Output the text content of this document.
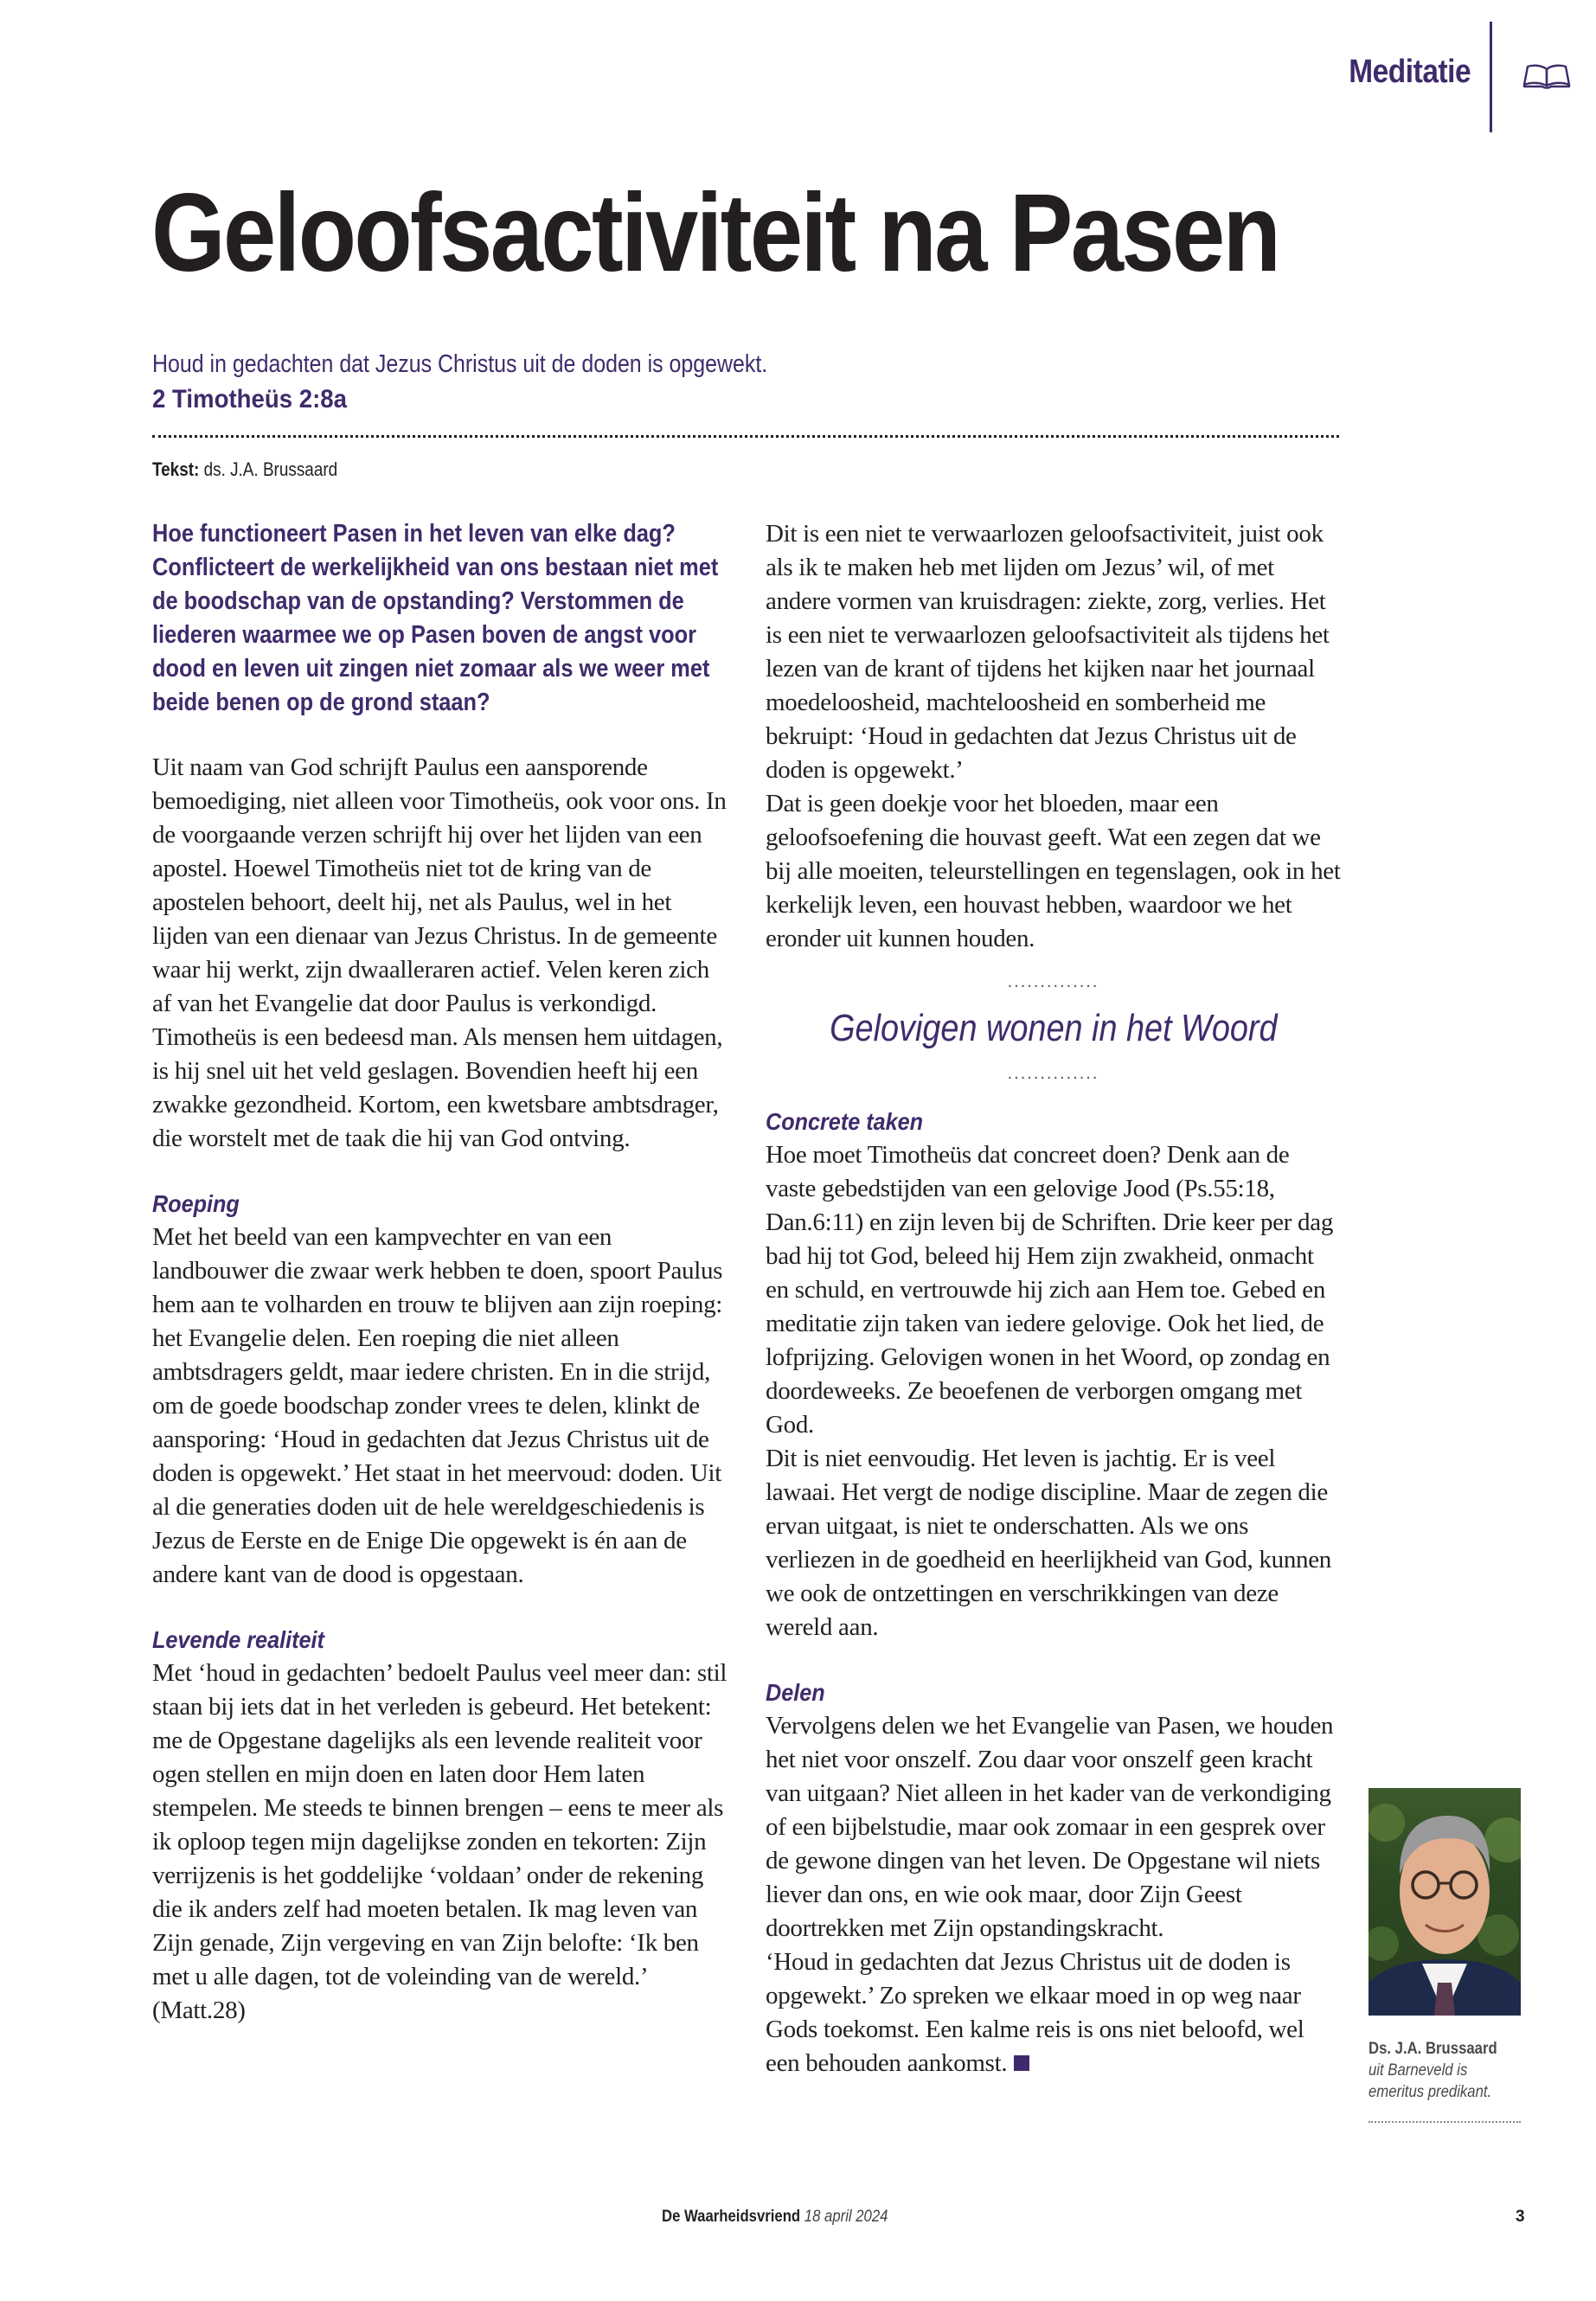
Meditatie
Geloofsactiviteit na Pasen
Houd in gedachten dat Jezus Christus uit de doden is opgewekt.
2 Timotheüs 2:8a
Tekst: ds. J.A. Brussaard

Hoe functioneert Pasen in het leven van elke dag? Conflicteert de werkelijkheid van ons bestaan niet met de boodschap van de opstanding? Verstommen de liederen waarmee we op Pasen boven de angst voor dood en leven uit zingen niet zomaar als we weer met beide benen op de grond staan?

Uit naam van God schrijft Paulus een aansporende bemoediging, niet alleen voor Timotheüs, ook voor ons. In de voorgaande verzen schrijft hij over het lijden van een apostel. Hoewel Timotheüs niet tot de kring van de apostelen behoort, deelt hij, net als Paulus, wel in het lijden van een dienaar van Jezus Christus. In de gemeente waar hij werkt, zijn dwaalleraren actief. Velen keren zich af van het Evangelie dat door Paulus is verkondigd.

Timotheüs is een bedeesd man. Als mensen hem uitdagen, is hij snel uit het veld geslagen. Bovendien heeft hij een zwakke gezondheid. Kortom, een kwetsbare ambtsdrager, die worstelt met de taak die hij van God ontving.

Roeping

Met het beeld van een kampvechter en van een landbouwer die zwaar werk hebben te doen, spoort Paulus hem aan te volharden en trouw te blijven aan zijn roeping: het Evangelie delen. Een roeping die niet alleen ambtsdragers geldt, maar iedere christen. En in die strijd, om de goede boodschap zonder vrees te delen, klinkt de aansporing: ‘Houd in gedachten dat Jezus Christus uit de doden is opgewekt.’ Het staat in het meervoud: doden. Uit al die generaties doden uit de hele wereldgeschiedenis is Jezus de Eerste en de Enige Die opgewekt is én aan de andere kant van de dood is opgestaan.

Levende realiteit

Met ‘houd in gedachten’ bedoelt Paulus veel meer dan: stil staan bij iets dat in het verleden is gebeurd. Het betekent: me de Opgestane dagelijks als een levende realiteit voor ogen stellen en mijn doen en laten door Hem laten stempelen. Me steeds te binnen brengen – eens te meer als ik oploop tegen mijn dagelijkse zonden en tekorten: Zijn verrijzenis is het goddelijke ‘voldaan’ onder de rekening die ik anders zelf had moeten betalen. Ik mag leven van Zijn genade, Zijn vergeving en van Zijn belofte: ‘Ik ben met u alle dagen, tot de voleinding van de wereld.’ (Matt.28)

Dit is een niet te verwaarlozen geloofsactiviteit, juist ook als ik te maken heb met lijden om Jezus’ wil, of met andere vormen van kruisdragen: ziekte, zorg, verlies. Het is een niet te verwaarlozen geloofsactiviteit als tijdens het lezen van de krant of tijdens het kijken naar het journaal moedeloosheid, machteloosheid en somberheid me bekruipt: ‘Houd in gedachten dat Jezus Christus uit de doden is opgewekt.’

Dat is geen doekje voor het bloeden, maar een geloofsoefening die houvast geeft. Wat een zegen dat we bij alle moeiten, teleurstellingen en tegenslagen, ook in het kerkelijk leven, een houvast hebben, waardoor we het eronder uit kunnen houden.

..............
Gelovigen wonen in het Woord
..............
Concrete taken

Hoe moet Timotheüs dat concreet doen? Denk aan de vaste gebedstijden van een gelovige Jood (Ps.55:18, Dan.6:11) en zijn leven bij de Schriften. Drie keer per dag bad hij tot God, beleed hij Hem zijn zwakheid, onmacht en schuld, en vertrouwde hij zich aan Hem toe. Gebed en meditatie zijn taken van iedere gelovige. Ook het lied, de lofprijzing. Gelovigen wonen in het Woord, op zondag en doordeweeks. Ze beoefenen de verborgen omgang met God.

Dit is niet eenvoudig. Het leven is jachtig. Er is veel lawaai. Het vergt de nodige discipline. Maar de zegen die ervan uitgaat, is niet te onderschatten. Als we ons verliezen in de goedheid en heerlijkheid van God, kunnen we ook de ontzettingen en verschrikkingen van deze wereld aan.

Delen

Vervolgens delen we het Evangelie van Pasen, we houden het niet voor onszelf. Zou daar voor onszelf geen kracht van uitgaan? Niet alleen in het kader van de verkondiging of een bijbelstudie, maar ook zomaar in een gesprek over de gewone dingen van het leven. De Opgestane wil niets liever dan ons, en wie ook maar, door Zijn Geest doortrekken met Zijn opstandingskracht.

‘Houd in gedachten dat Jezus Christus uit de doden is opgewekt.’ Zo spreken we elkaar moed in op weg naar Gods toekomst. Een kalme reis is ons niet beloofd, wel een behouden aankomst.

Ds. J.A. Brussaard
uit Barneveld is emeritus predikant.
De Waarheidsvriend 18 april 2024	3
